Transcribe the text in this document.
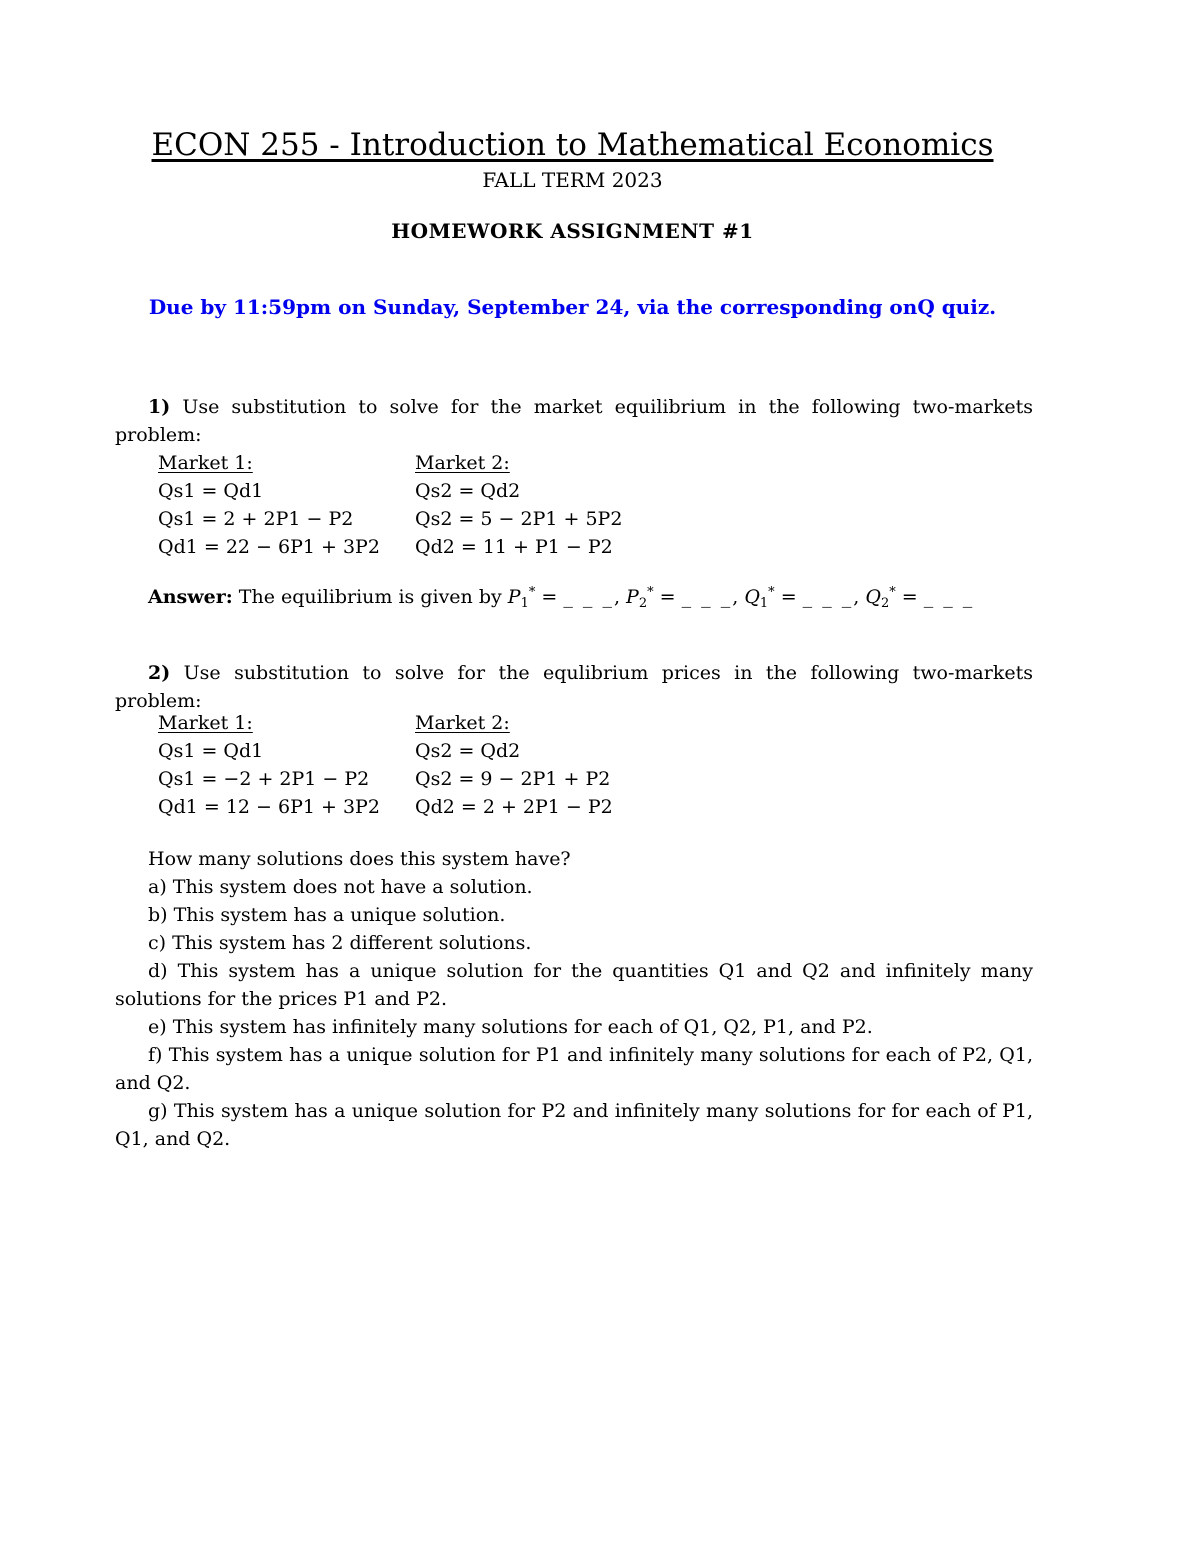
ECON 255 - Introduction to Mathematical Economics
FALL TERM 2023
HOMEWORK ASSIGNMENT #1
Due by 11:59pm on Sunday, September 24, via the corresponding onQ quiz.
1) Use substitution to solve for the market equilibrium in the following two-markets problem:
Market 1:
Qs1 = Qd1
Qs1 = 2 + 2P1 − P2
Qd1 = 22 − 6P1 + 3P2
Market 2:
Qs2 = Qd2
Qs2 = 5 − 2P1 + 5P2
Qd2 = 11 + P1 − P2
Answer: The equilibrium is given by $P_1^*$ = _ _ _, $P_2^*$ = _ _ _, $Q_1^*$ = _ _ _, $Q_2^*$ = _ _ _
2) Use substitution to solve for the equlibrium prices in the following two-markets problem:
Market 1:
Qs1 = Qd1
Qs1 = −2 + 2P1 − P2
Qd1 = 12 − 6P1 + 3P2
Market 2:
Qs2 = Qd2
Qs2 = 9 − 2P1 + P2
Qd2 = 2 + 2P1 − P2
How many solutions does this system have?
a) This system does not have a solution.
b) This system has a unique solution.
c) This system has 2 different solutions.
d) This system has a unique solution for the quantities Q1 and Q2 and infinitely many solutions for the prices P1 and P2.
e) This system has infinitely many solutions for each of Q1, Q2, P1, and P2.
f) This system has a unique solution for P1 and infinitely many solutions for each of P2, Q1, and Q2.
g) This system has a unique solution for P2 and infinitely many solutions for for each of P1, Q1, and Q2.
